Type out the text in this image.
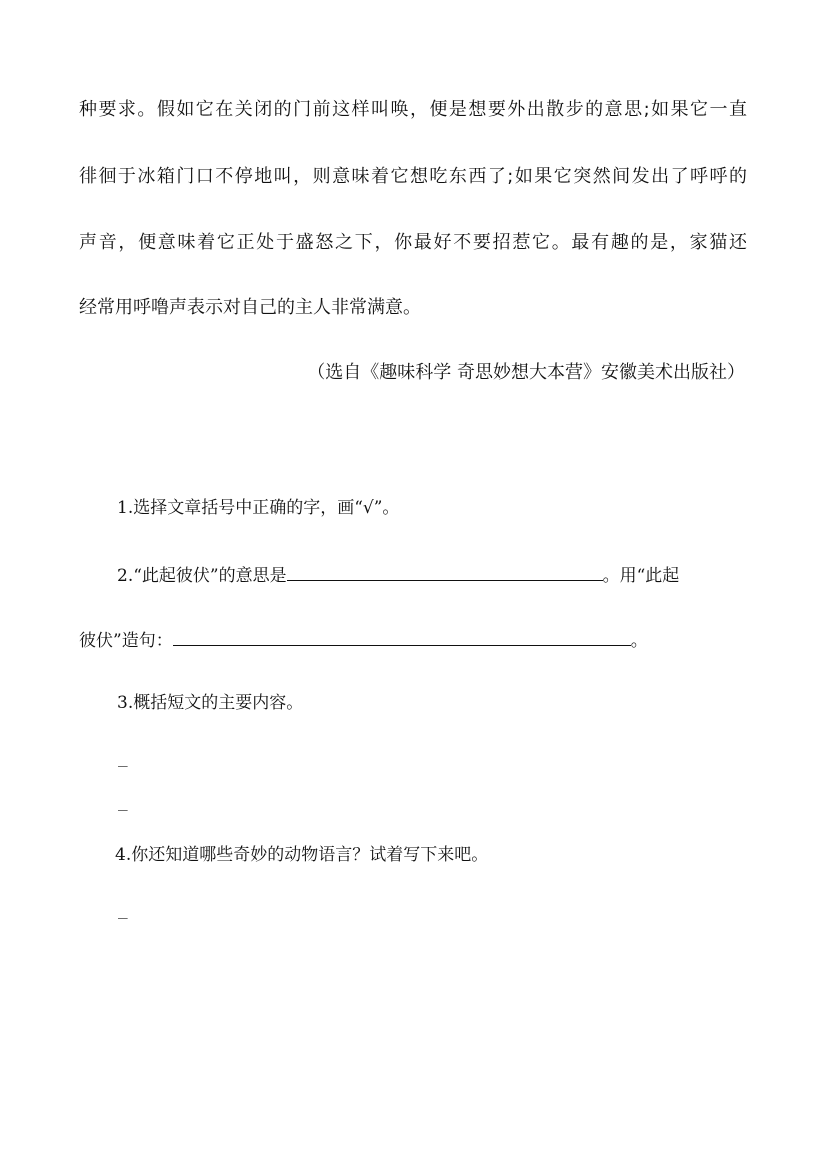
种要求。假如它在关闭的门前这样叫唤，便是想要外出散步的意思;如果它一直
徘徊于冰箱门口不停地叫，则意味着它想吃东西了;如果它突然间发出了呼呼的
声音，便意味着它正处于盛怒之下，你最好不要招惹它。最有趣的是，家猫还
经常用呼噜声表示对自己的主人非常满意。
（选自《趣味科学 奇思妙想大本营》安徽美术出版社）
1.选择文章括号中正确的字，画“√”。
2.“此起彼伏”的意思是	。用“此起
彼伏”造句：	。
3.概括短文的主要内容。
_
_
4.你还知道哪些奇妙的动物语言？试着写下来吧。
_
